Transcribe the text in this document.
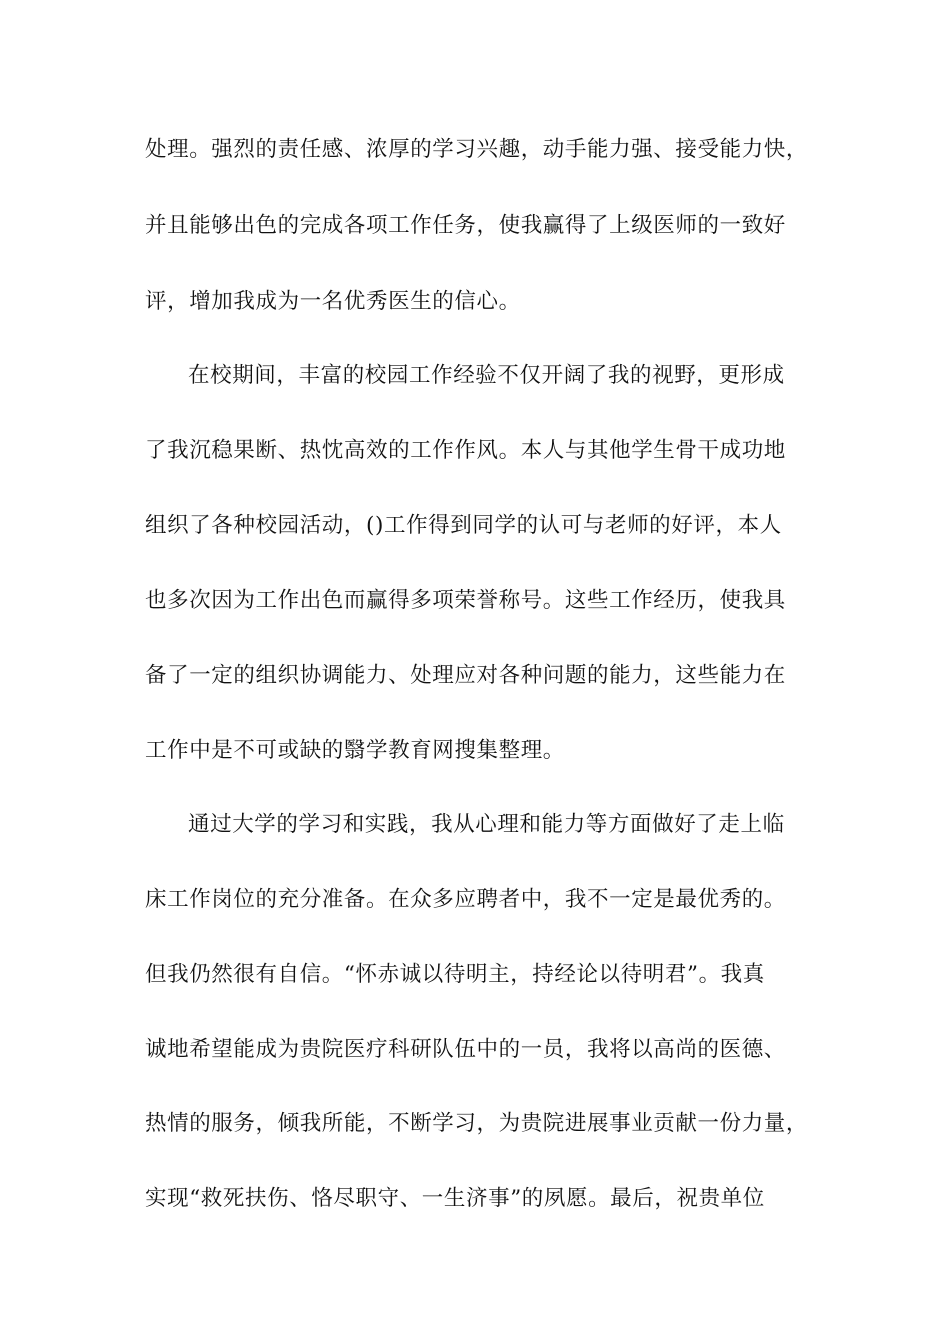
处理。强烈的责任感、浓厚的学习兴趣，动手能力强、接受能力快，
并且能够出色的完成各项工作任务，使我赢得了上级医师的一致好
评，增加我成为一名优秀医生的信心。
在校期间，丰富的校园工作经验不仅开阔了我的视野，更形成
了我沉稳果断、热忱高效的工作作风。本人与其他学生骨干成功地
组织了各种校园活动，()工作得到同学的认可与老师的好评，本人
也多次因为工作出色而赢得多项荣誉称号。这些工作经历，使我具
备了一定的组织协调能力、处理应对各种问题的能力，这些能力在
工作中是不可或缺的翳学教育网搜集整理。
通过大学的学习和实践，我从心理和能力等方面做好了走上临
床工作岗位的充分准备。在众多应聘者中，我不一定是最优秀的。
但我仍然很有自信。“怀赤诚以待明主，持经论以待明君”。我真
诚地希望能成为贵院医疗科研队伍中的一员，我将以高尚的医德、
热情的服务，倾我所能，不断学习，为贵院进展事业贡献一份力量，
实现“救死扶伤、恪尽职守、一生济事”的夙愿。最后，祝贵单位
